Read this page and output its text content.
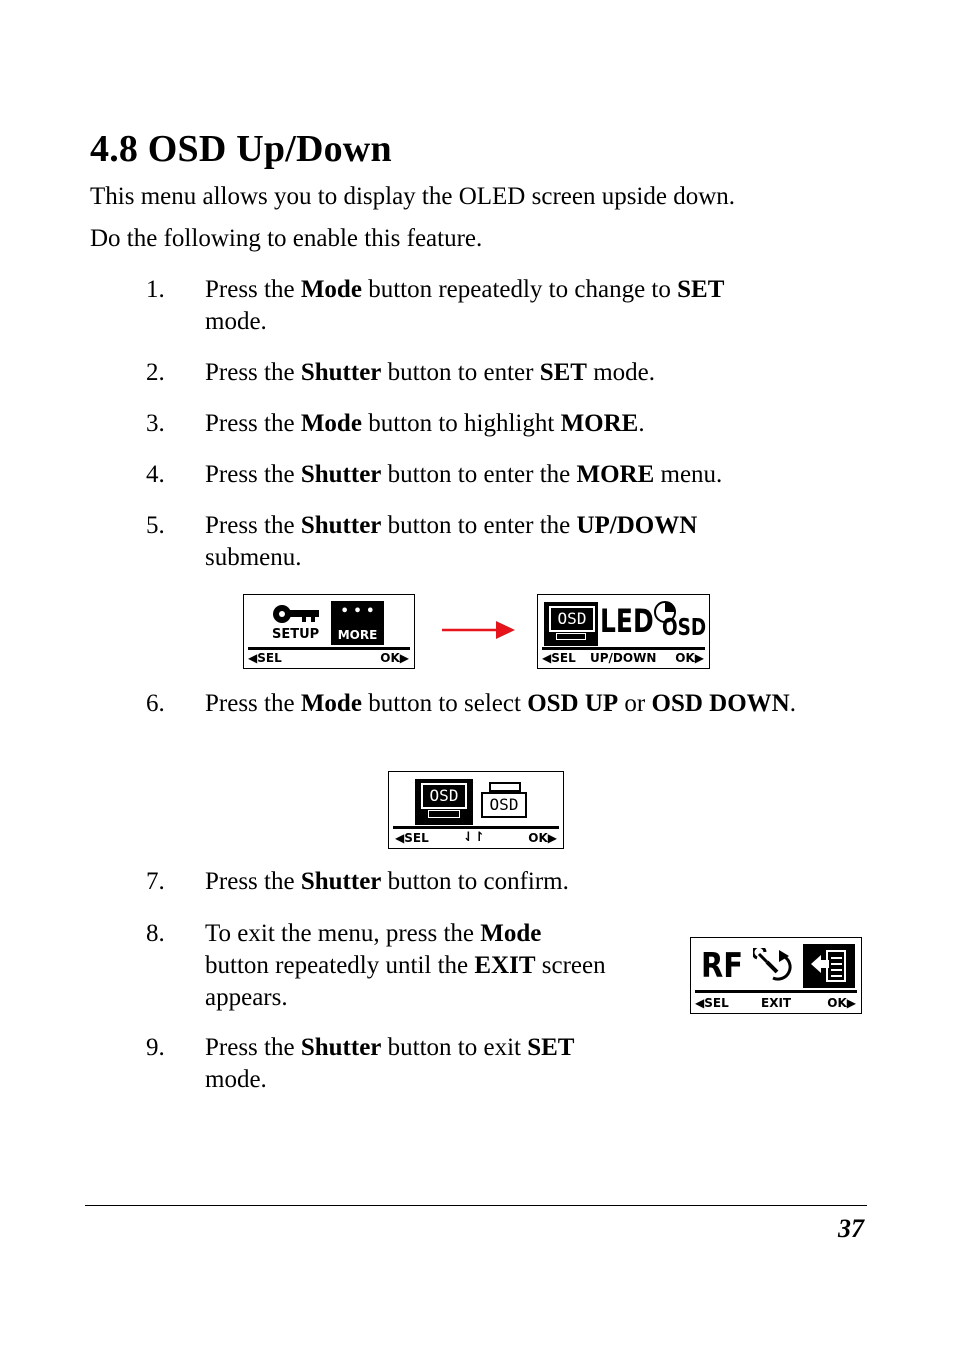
4.8 OSD Up/Down
This menu allows you to display the OLED screen upside down.
Do the following to enable this feature.
1. Press the Mode button repeatedly to change to SET
mode.
2. Press the Shutter button to enter SET mode.
3. Press the Mode button to highlight MORE.
4. Press the Shutter button to enter the MORE menu.
5. Press the Shutter button to enter the UP/DOWN
submenu.
SETUP
• • •
MORE
◀SEL	OK▶
OSD LED OSD
◀SEL UP/DOWN OK▶
6. Press the Mode button to select OSD UP or OSD DOWN.
OSD	OSD
◀SEL	⇃↾	OK▶
7. Press the Shutter button to confirm.
8. To exit the menu, press the Mode
button repeatedly until the EXIT screen appears.
RF
◀SEL	EXIT	OK▶
9. Press the Shutter button to exit SET
mode.
37
